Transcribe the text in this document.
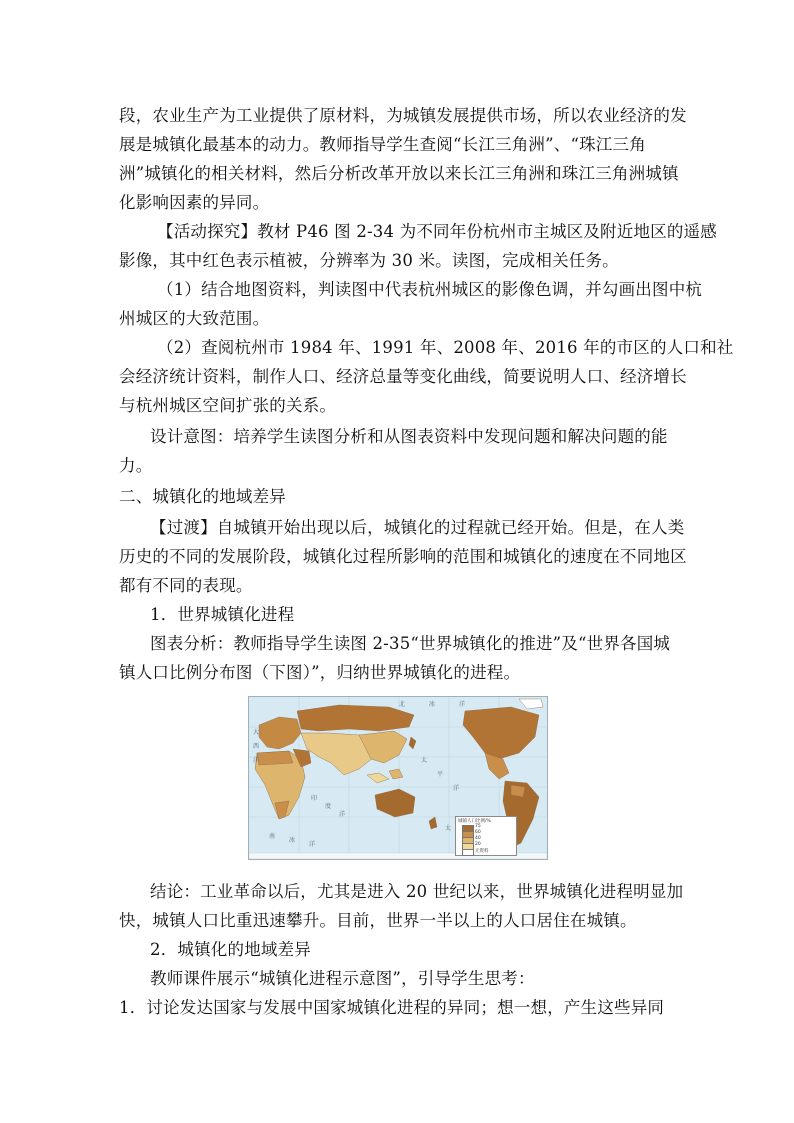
段，农业生产为工业提供了原材料，为城镇发展提供市场，所以农业经济的发
展是城镇化最基本的动力。教师指导学生查阅“长江三角洲”、“珠江三角
洲”城镇化的相关材料，然后分析改革开放以来长江三角洲和珠江三角洲城镇
化影响因素的异同。
【活动探究】教材 P46 图 2-34 为不同年份杭州市主城区及附近地区的遥感
影像，其中红色表示植被，分辨率为 30 米。读图，完成相关任务。
（1）结合地图资料，判读图中代表杭州城区的影像色调，并勾画出图中杭
州城区的大致范围。
（2）查阅杭州市 1984 年、1991 年、2008 年、2016 年的市区的人口和社
会经济统计资料，制作人口、经济总量等变化曲线，简要说明人口、经济增长
与杭州城区空间扩张的关系。
设计意图：培养学生读图分析和从图表资料中发现问题和解决问题的能
力。
二、城镇化的地域差异
【过渡】自城镇开始出现以后，城镇化的过程就已经开始。但是，在人类
历史的不同的发展阶段，城镇化过程所影响的范围和城镇化的速度在不同地区
都有不同的表现。
1．世界城镇化进程
图表分析：教师指导学生读图 2-35“世界城镇化的推进”及“世界各国城
镇人口比例分布图（下图）”，归纳世界城镇化的进程。
北	冰	洋
太
平
洋
大
西
洋
印
度
洋
太
南
冰
洋
城镇人口比例/%
75
60
40
20
无资料
结论：工业革命以后，尤其是进入 20 世纪以来，世界城镇化进程明显加
快，城镇人口比重迅速攀升。目前，世界一半以上的人口居住在城镇。
2．城镇化的地域差异
教师课件展示“城镇化进程示意图”，引导学生思考：
1．讨论发达国家与发展中国家城镇化进程的异同；想一想，产生这些异同
